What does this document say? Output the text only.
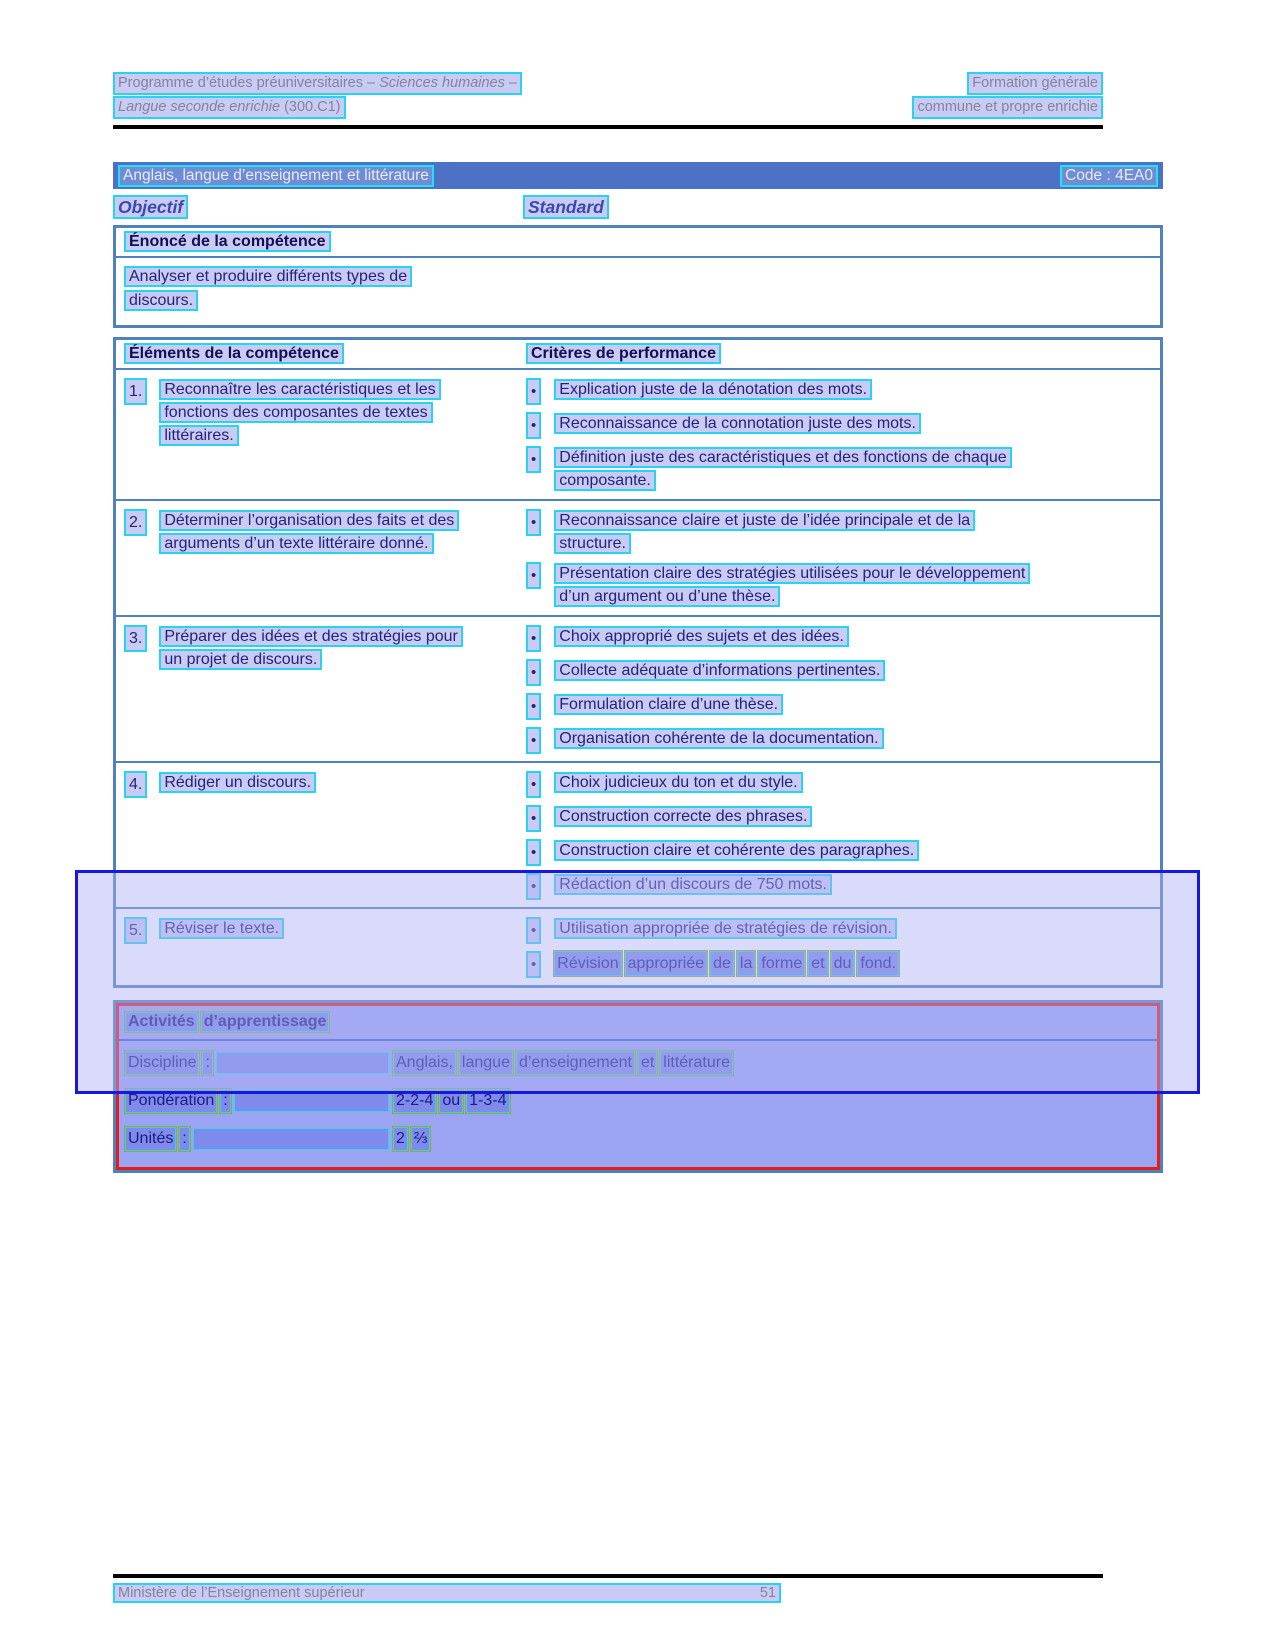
Programme d’études préuniversitaires – Sciences humaines –	Formation générale
Langue seconde enrichie (300.C1)	commune et propre enrichie
Anglais, langue d’enseignement et littérature	Code : 4EA0
Objectif	Standard
Énoncé de la compétence
Analyser et produire différents types de discours.
Éléments de la compétence	Critères de performance
1.	Reconnaître les caractéristiques et les fonctions des composantes de textes littéraires.
•	Explication juste de la dénotation des mots.
•	Reconnaissance de la connotation juste des mots.
•	Définition juste des caractéristiques et des fonctions de chaque composante.
2.	Déterminer l’organisation des faits et des arguments d’un texte littéraire donné.
•	Reconnaissance claire et juste de l’idée principale et de la structure.
•	Présentation claire des stratégies utilisées pour le développement d’un argument ou d’une thèse.
3.	Préparer des idées et des stratégies pour un projet de discours.
•	Choix approprié des sujets et des idées.
•	Collecte adéquate d’informations pertinentes.
•	Formulation claire d’une thèse.
•	Organisation cohérente de la documentation.
4.	Rédiger un discours.	•	Choix judicieux du ton et du style.
•	Construction correcte des phrases.
•	Construction claire et cohérente des paragraphes.
•	Rédaction d’un discours de 750 mots.
5.	Réviser le texte.	•	Utilisation appropriée de stratégies de révision.
•	Révision appropriée de la forme et du fond.
Activités d’apprentissage
Discipline :	Anglais, langue d’enseignement et littérature
Pondération :	2-2-4 ou 1-3-4
Unités :	2 ⅔
Ministère de l’Enseignement supérieur	51
